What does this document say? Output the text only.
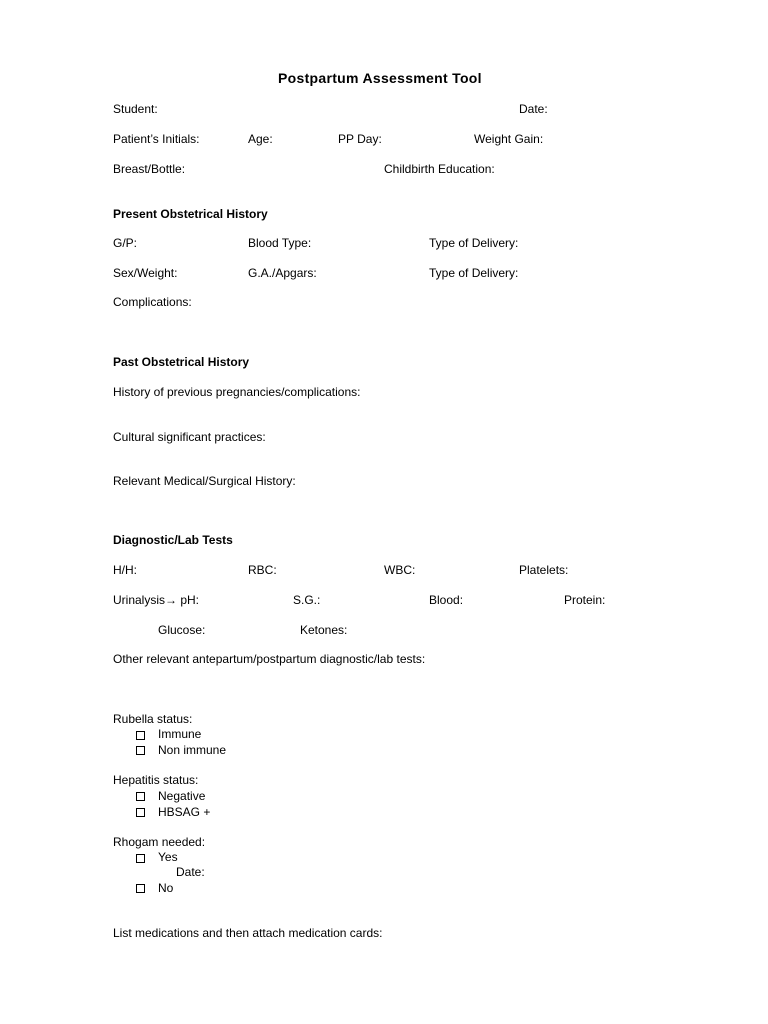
Postpartum Assessment Tool
Student:	Date:
Patient’s Initials:	Age:	PP Day:	Weight Gain:
Breast/Bottle:	Childbirth Education:
Present Obstetrical History
G/P:	Blood Type:	Type of Delivery:
Sex/Weight:	G.A./Apgars:	Type of Delivery:
Complications:
Past Obstetrical History
History of previous pregnancies/complications:
Cultural significant practices:
Relevant Medical/Surgical History:
Diagnostic/Lab Tests
H/H:	RBC:	WBC:	Platelets:
Urinalysis→ pH:	S.G.:	Blood:	Protein:
Glucose:	Ketones:
Other relevant antepartum/postpartum diagnostic/lab tests:
Rubella status:
Immune
Non immune
Hepatitis status:
Negative
HBSAG +
Rhogam needed:
Yes
Date:
No
List medications and then attach medication cards:
